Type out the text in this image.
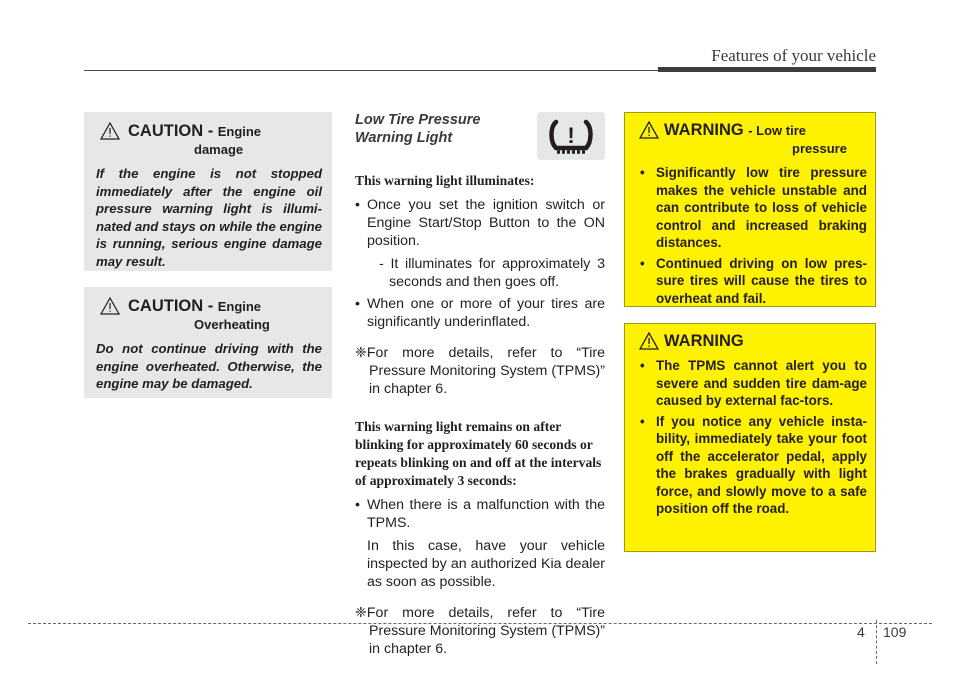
Features of your vehicle
CAUTION - Engine
damage
If the engine is not stopped immediately after the engine oil pressure warning light is illumi-nated and stays on while the engine is running, serious engine damage may result.
CAUTION - Engine
Overheating
Do not continue driving with the engine overheated. Otherwise, the engine may be damaged.
Low Tire Pressure
Warning Light	!
This warning light illuminates:
• Once you set the ignition switch or Engine Start/Stop Button to the ON position.
- It illuminates for approximately 3 seconds and then goes off.
• When one or more of your tires are significantly underinflated.
❈For more details, refer to “Tire Pressure Monitoring System (TPMS)” in chapter 6.
This warning light remains on after blinking for approximately 60 seconds or repeats blinking on and off at the intervals of approximately 3 seconds:
• When there is a malfunction with the TPMS.
In this case, have your vehicle inspected by an authorized Kia dealer as soon as possible.
❈For more details, refer to “Tire Pressure Monitoring System (TPMS)” in chapter 6.
WARNING - Low tire
pressure
• Significantly low tire pressure makes the vehicle unstable and can contribute to loss of vehicle control and increased braking distances.
• Continued driving on low pres-sure tires will cause the tires to overheat and fail.
WARNING
• The TPMS cannot alert you to severe and sudden tire dam-age caused by external fac-tors.
• If you notice any vehicle insta-bility, immediately take your foot off the accelerator pedal, apply the brakes gradually with light force, and slowly move to a safe position off the road.
4 109
